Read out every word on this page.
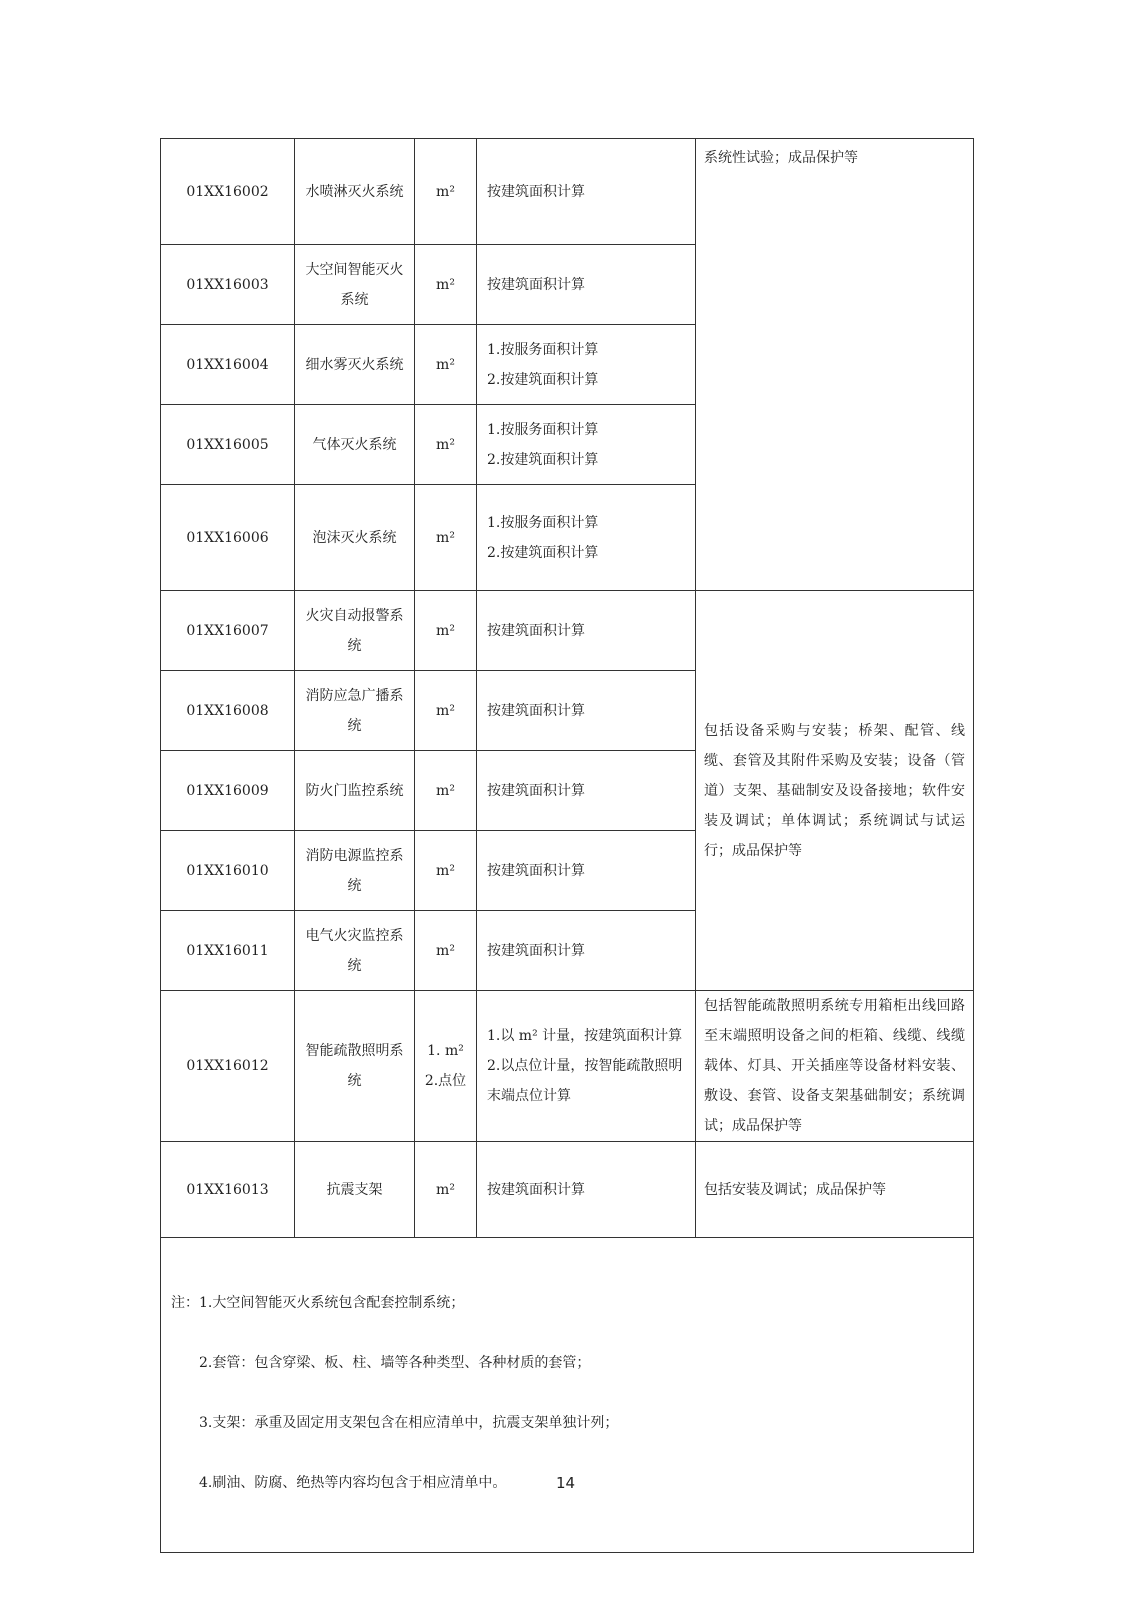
01XX16002	水喷淋灭火系统	m²	按建筑面积计算	系统性试验；成品保护等
01XX16003	大空间智能灭火
系统	m²	按建筑面积计算	
01XX16004	细水雾灭火系统	m²	1.按服务面积计算
2.按建筑面积计算	
01XX16005	气体灭火系统	m²	1.按服务面积计算
2.按建筑面积计算	
01XX16006	泡沫灭火系统	m²	1.按服务面积计算
2.按建筑面积计算	
01XX16007	火灾自动报警系
统	m²	按建筑面积计算	包括设备采购与安装；桥架、配管、线缆、套管及其附件采购及安装；设备（管道）支架、基础制安及设备接地；软件安装及调试；单体调试；系统调试与试运行；成品保护等
01XX16008	消防应急广播系
统	m²	按建筑面积计算	
01XX16009	防火门监控系统	m²	按建筑面积计算	
01XX16010	消防电源监控系
统	m²	按建筑面积计算	
01XX16011	电气火灾监控系
统	m²	按建筑面积计算	
01XX16012	智能疏散照明系
统	1. m²
2.点位	1.以 m² 计量，按建筑面积计算
2.以点位计量，按智能疏散照明末端点位计算	包括智能疏散照明系统专用箱柜出线回路至末端照明设备之间的柜箱、线缆、线缆载体、灯具、开关插座等设备材料安装、敷设、套管、设备支架基础制安；系统调试；成品保护等
01XX16013	抗震支架	m²	按建筑面积计算	包括安装及调试；成品保护等

注：1.大空间智能灭火系统包含配套控制系统；

2.套管：包含穿梁、板、柱、墙等各种类型、各种材质的套管；

3.支架：承重及固定用支架包含在相应清单中，抗震支架单独计列；

4.刷油、防腐、绝热等内容均包含于相应清单中。					14
